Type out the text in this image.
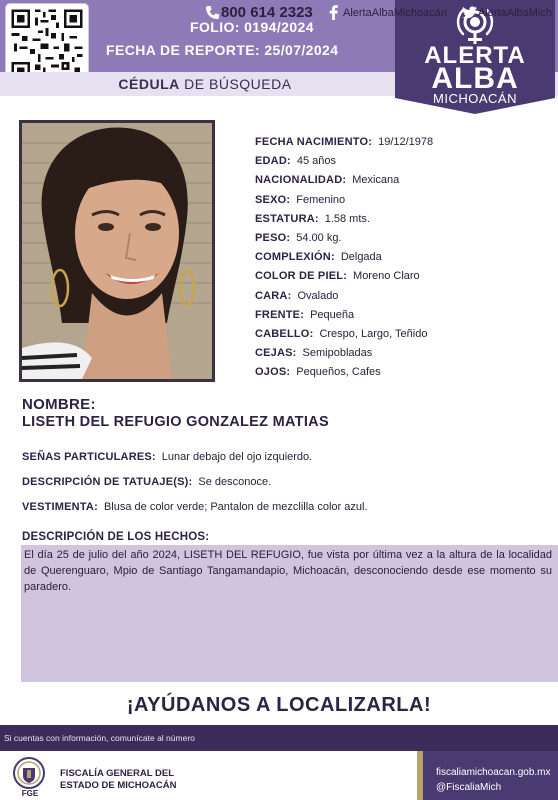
FOLIO: 0194/2024
FECHA DE REPORTE: 25/07/2024
CÉDULA DE BÚSQUEDA
ALERTA
ALBA
MICHOACÁN
FECHA NACIMIENTO: 19/12/1978
EDAD: 45 años
NACIONALIDAD: Mexicana
SEXO: Femenino
ESTATURA: 1.58 mts.
PESO: 54.00 kg.
COMPLEXIÓN: Delgada
COLOR DE PIEL: Moreno Claro
CARA: Ovalado
FRENTE: Pequeña
CABELLO: Crespo, Largo, Teñido
CEJAS: Semipobladas
OJOS: Pequeños, Cafes
NOMBRE:
LISETH DEL REFUGIO GONZALEZ MATIAS
SEÑAS PARTICULARES: Lunar debajo del ojo izquierdo.
DESCRIPCIÓN DE TATUAJE(S): Se desconoce.
VESTIMENTA: Blusa de color verde; Pantalon de mezclilla color azul.
DESCRIPCIÓN DE LOS HECHOS:
El día 25 de julio del año 2024, LISETH DEL REFUGIO, fue vista por última vez a la altura de la localidad de Querenguaro, Mpio de Santiago Tangamandapio, Michoacán, desconociendo desde ese momento su paradero.
¡AYÚDANOS A LOCALIZARLA!
Si cuentas con información, comunícate al número
800 614 2323	AlertaAlbaMichoacán	AlertaAlbaMich
FGE
FISCALÍA GENERAL DEL
ESTADO DE MICHOACÁN
fiscaliamichoacan.gob.mx
@FiscaliaMich
